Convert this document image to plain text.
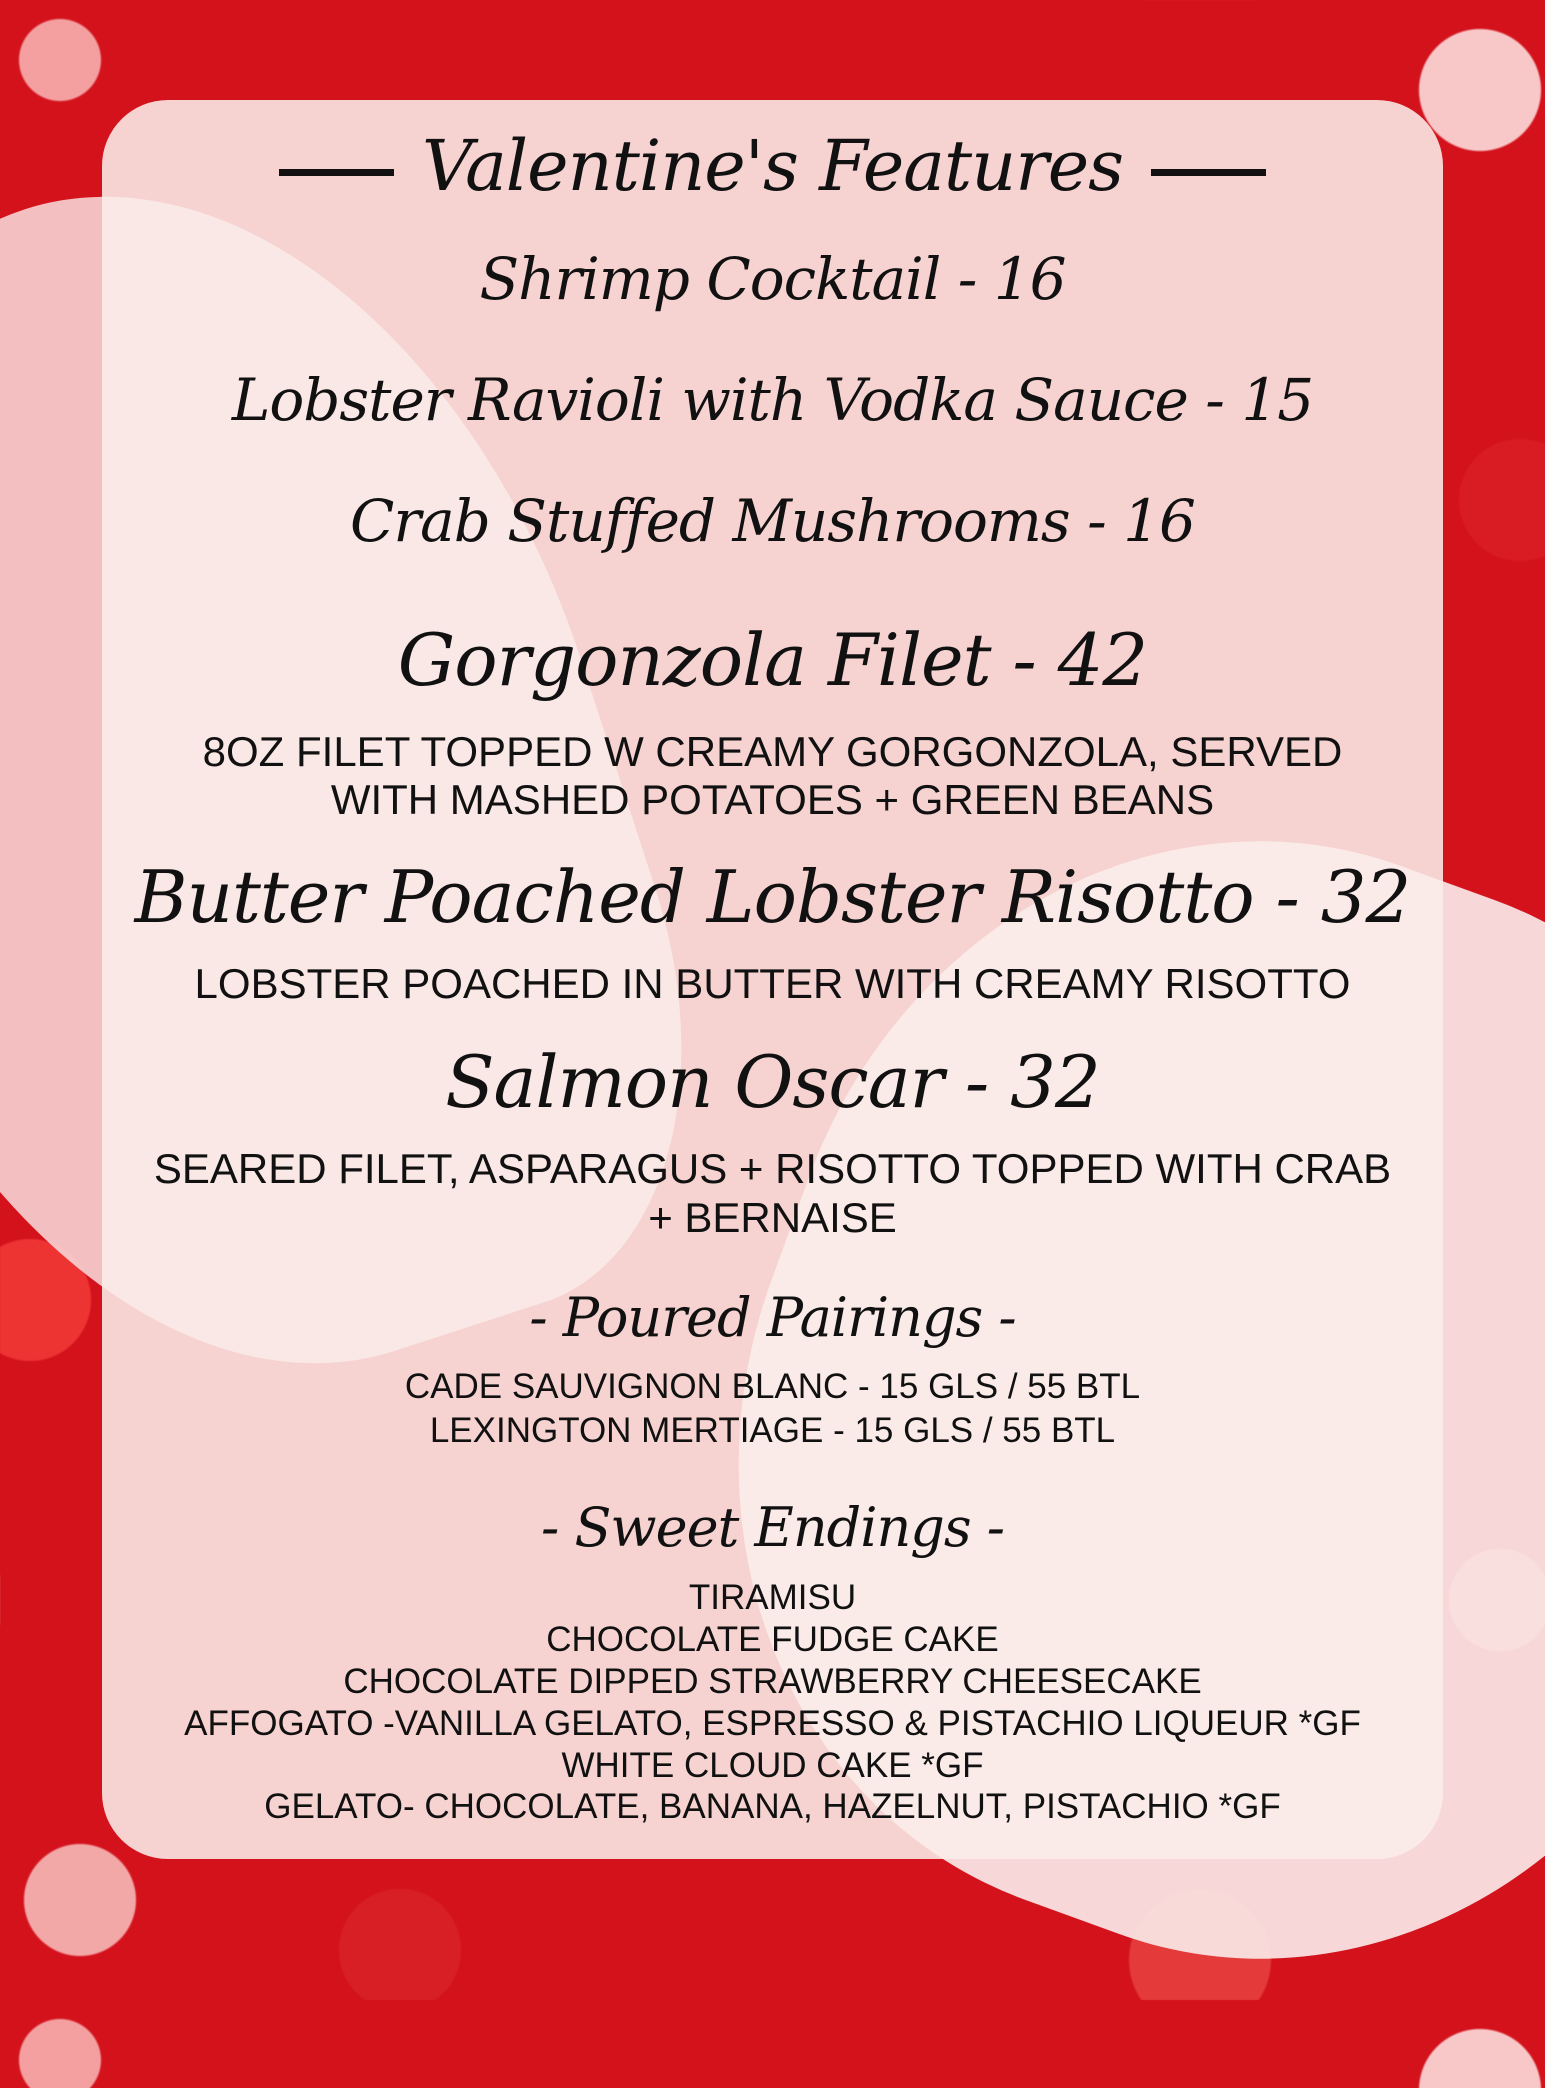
Valentine's Features
Shrimp Cocktail - 16
Lobster Ravioli with Vodka Sauce - 15
Crab Stuffed Mushrooms - 16
Gorgonzola Filet - 42
8OZ FILET TOPPED W CREAMY GORGONZOLA, SERVED
WITH MASHED POTATOES + GREEN BEANS
Butter Poached Lobster Risotto - 32
LOBSTER POACHED IN BUTTER WITH CREAMY RISOTTO
Salmon Oscar - 32
SEARED FILET, ASPARAGUS + RISOTTO TOPPED WITH CRAB
+ BERNAISE
- Poured Pairings -
CADE SAUVIGNON BLANC - 15 GLS / 55 BTL
LEXINGTON MERTIAGE - 15 GLS / 55 BTL
- Sweet Endings -
TIRAMISU
CHOCOLATE FUDGE CAKE
CHOCOLATE DIPPED STRAWBERRY CHEESECAKE
AFFOGATO -VANILLA GELATO, ESPRESSO & PISTACHIO LIQUEUR *GF
WHITE CLOUD CAKE *GF
GELATO- CHOCOLATE, BANANA, HAZELNUT, PISTACHIO *GF
